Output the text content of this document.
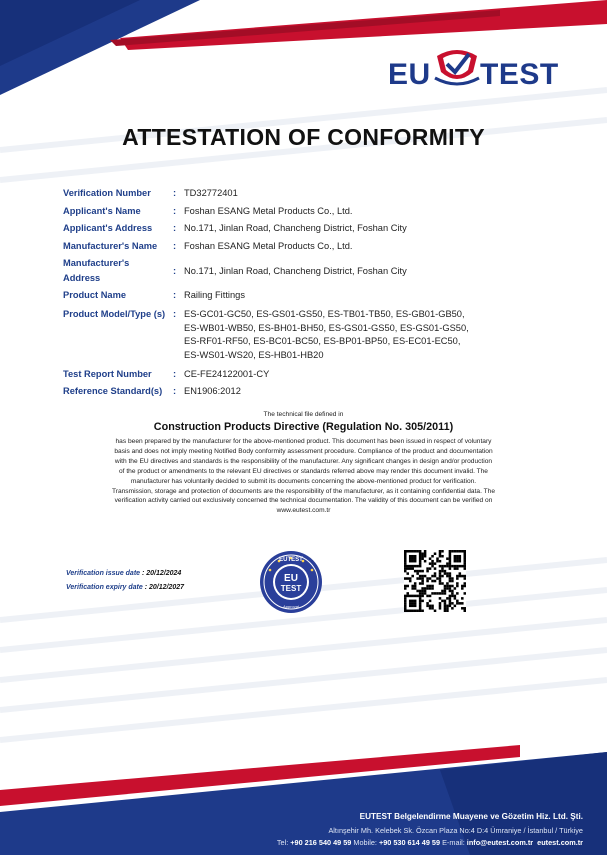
EU TEST
ATTESTATION OF CONFORMITY
Verification Number	: TD32772401
Applicant's Name	: Foshan ESANG Metal Products Co., Ltd.
Applicant's Address	: No.171, Jinlan Road, Chancheng District, Foshan City
Manufacturer's Name	: Foshan ESANG Metal Products Co., Ltd.
Manufacturer's
Address
: No.171, Jinlan Road, Chancheng District, Foshan City
Product Name	: Railing Fittings
Product Model/Type (s) : ES-GC01-GC50, ES-GS01-GS50, ES-TB01-TB50, ES-GB01-GB50,
ES-WB01-WB50, ES-BH01-BH50, ES-GS01-GS50, ES-GS01-GS50,
ES-RF01-RF50, ES-BC01-BC50, ES-BP01-BP50, ES-EC01-EC50,
ES-WS01-WS20, ES-HB01-HB20
Test Report Number	: CE-FE24122001-CY
Reference Standard(s)	: EN1906:2012
The technical file defined in
Construction Products Directive (Regulation No. 305/2011)
has been prepared by the manufacturer for the above-mentioned product. This document has been issued in respect of voluntary
basis and does not imply meeting Notified Body conformity assessment procedure. Compliance of the product and documentation
with the EU directives and standards is the responsibility of the manufacturer. Any significant changes in design and/or production
of the product or amendments to the relevant EU directives or standards referred above may render this document invalid. The
manufacturer has voluntarily decided to submit its documents concerning the above-mentioned product for verification.
Transmission, storage and protection of documents are the responsibility of the manufacturer, as it containing confidential data. The
verification activity carried out exclusively concerned the technical documentation. The validity of this document can be verified on
www.eutest.com.tr
Verification issue date : 20/12/2024
Verification expiry date : 20/12/2027
EUTEST
EU
TEST
Approval
EUTEST Belgelendirme Muayene ve Gözetim Hiz. Ltd. Şti.
Altınşehir Mh. Kelebek Sk. Özcan Plaza No:4 D:4 Ümraniye / İstanbul / Türkiye
Tel: +90 216 540 49 59 Mobile: +90 530 614 49 59 E-mail: info@eutest.com.tr eutest.com.tr
